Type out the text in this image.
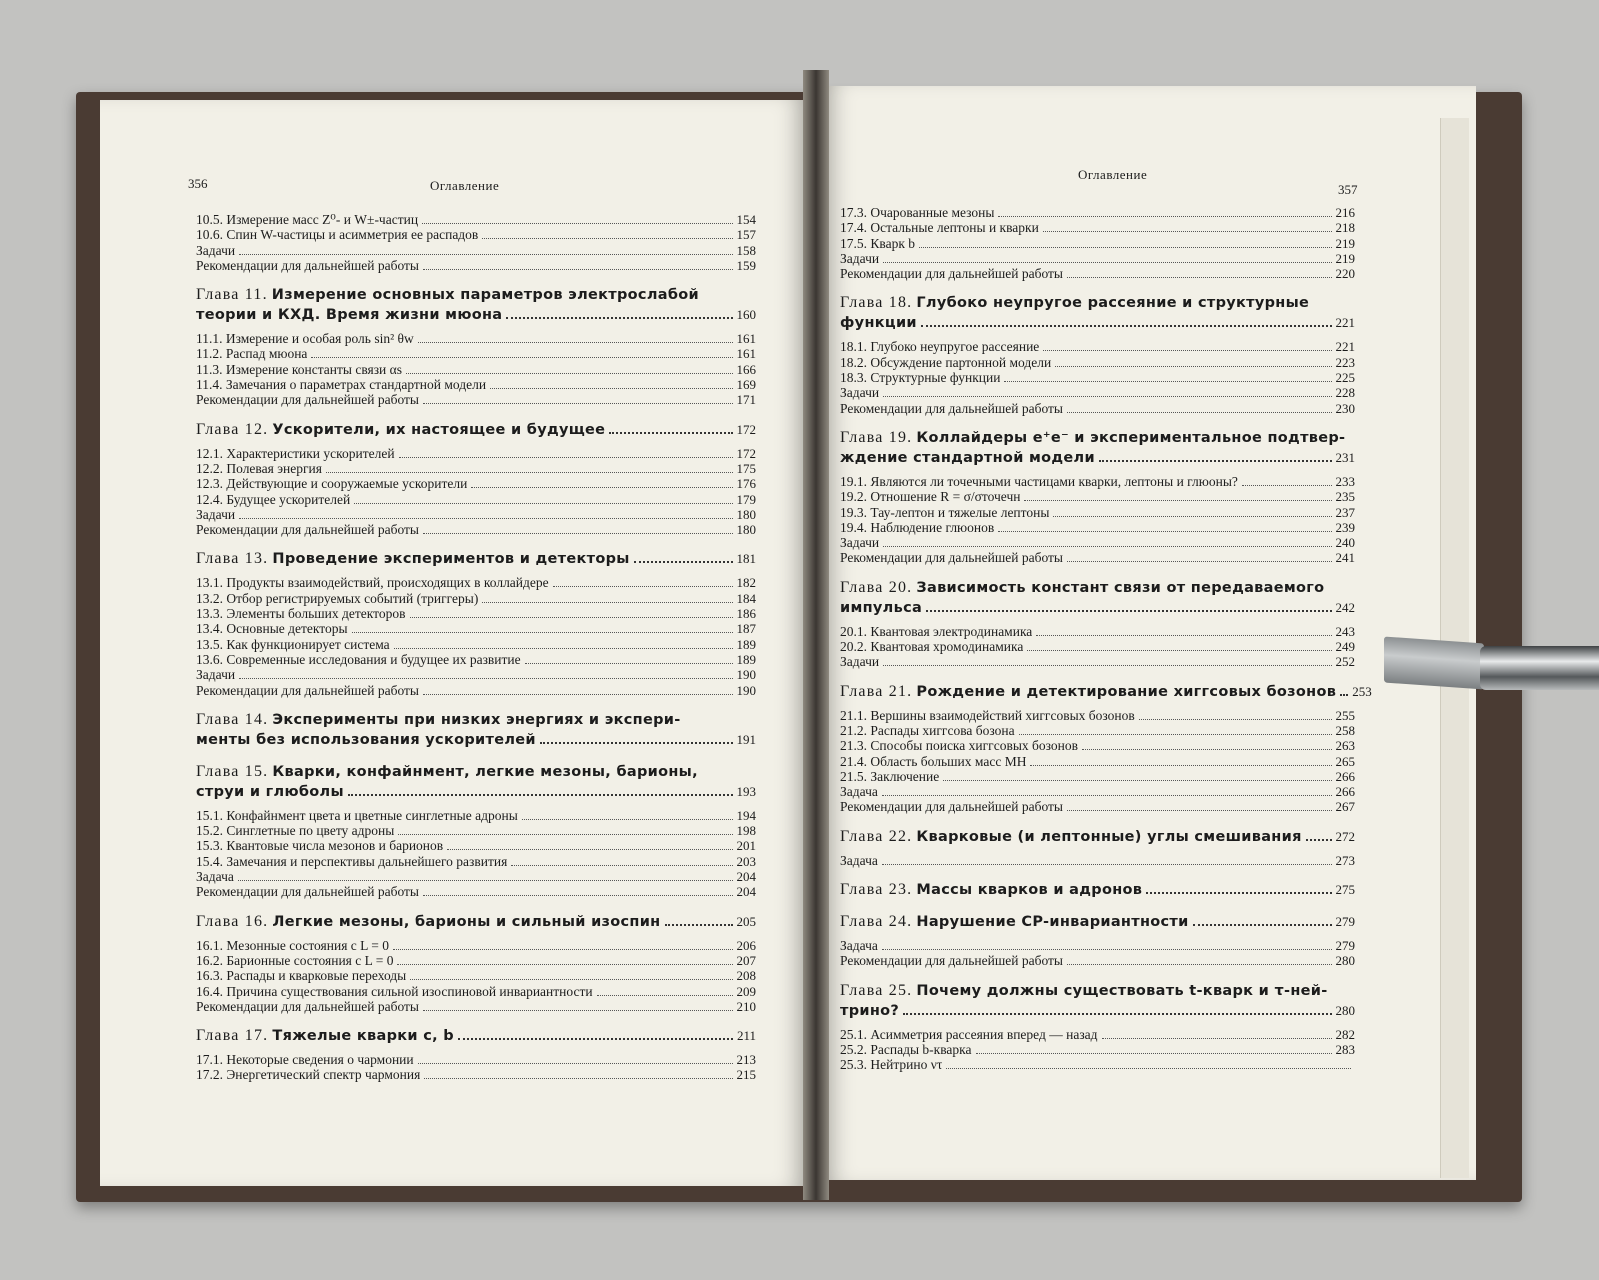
356	Оглавление
Оглавление
357
10.5. Измерение масс Z⁰- и W±-частиц	154
10.6. Спин W-частицы и асимметрия ее распадов	157
Задачи	158
Рекомендации для дальнейшей работы	159
Глава 11. Измерение основных параметров электрослабой
теории и КХД. Время жизни мюона	160
11.1. Измерение и особая роль sin² θw	161
11.2. Распад мюона	161
11.3. Измерение константы связи αs	166
11.4. Замечания о параметрах стандартной модели	169
Рекомендации для дальнейшей работы	171
Глава 12. Ускорители, их настоящее и будущее	172
12.1. Характеристики ускорителей	172
12.2. Полевая энергия	175
12.3. Действующие и сооружаемые ускорители	176
12.4. Будущее ускорителей	179
Задачи	180
Рекомендации для дальнейшей работы	180
Глава 13. Проведение экспериментов и детекторы	181
13.1. Продукты взаимодействий, происходящих в коллайдере	182
13.2. Отбор регистрируемых событий (триггеры)	184
13.3. Элементы больших детекторов	186
13.4. Основные детекторы	187
13.5. Как функционирует система	189
13.6. Современные исследования и будущее их развитие	189
Задачи	190
Рекомендации для дальнейшей работы	190
Глава 14. Эксперименты при низких энергиях и экспери-
менты без использования ускорителей	191
Глава 15. Кварки, конфайнмент, легкие мезоны, барионы,
струи и глюболы	193
15.1. Конфайнмент цвета и цветные синглетные адроны	194
15.2. Синглетные по цвету адроны	198
15.3. Квантовые числа мезонов и барионов	201
15.4. Замечания и перспективы дальнейшего развития	203
Задача	204
Рекомендации для дальнейшей работы	204
Глава 16. Легкие мезоны, барионы и сильный изоспин	205
16.1. Мезонные состояния с L = 0	206
16.2. Барионные состояния с L = 0	207
16.3. Распады и кварковые переходы	208
16.4. Причина существования сильной изоспиновой инвариантности	209
Рекомендации для дальнейшей работы	210
Глава 17. Тяжелые кварки c, b	211
17.1. Некоторые сведения о чармонии	213
17.2. Энергетический спектр чармония	215
17.3. Очарованные мезоны	216
17.4. Остальные лептоны и кварки	218
17.5. Кварк b	219
Задачи	219
Рекомендации для дальнейшей работы	220
Глава 18. Глубоко неупругое рассеяние и структурные
функции	221
18.1. Глубоко неупругое рассеяние	221
18.2. Обсуждение партонной модели	223
18.3. Структурные функции	225
Задачи	228
Рекомендации для дальнейшей работы	230
Глава 19. Коллайдеры e⁺e⁻ и экспериментальное подтвер-
ждение стандартной модели	231
19.1. Являются ли точечными частицами кварки, лептоны и глюоны?	233
19.2. Отношение R = σ/σточечн	235
19.3. Тау-лептон и тяжелые лептоны	237
19.4. Наблюдение глюонов	239
Задачи	240
Рекомендации для дальнейшей работы	241
Глава 20. Зависимость констант связи от передаваемого
импульса	242
20.1. Квантовая электродинамика	243
20.2. Квантовая хромодинамика	249
Задачи	252
Глава 21. Рождение и детектирование хиггсовых бозонов 253
21.1. Вершины взаимодействий хиггсовых бозонов	255
21.2. Распады хиггсова бозона	258
21.3. Способы поиска хиггсовых бозонов	263
21.4. Область больших масс MH	265
21.5. Заключение	266
Задача	266
Рекомендации для дальнейшей работы	267
Глава 22. Кварковые (и лептонные) углы смешивания	272
Задача	273
Глава 23. Массы кварков и адронов	275
Глава 24. Нарушение CP-инвариантности	279
Задача	279
Рекомендации для дальнейшей работы	280
Глава 25. Почему должны существовать t-кварк и τ-ней-
трино?	280
25.1. Асимметрия рассеяния вперед — назад	282
25.2. Распады b-кварка	283
25.3. Нейтрино ντ
